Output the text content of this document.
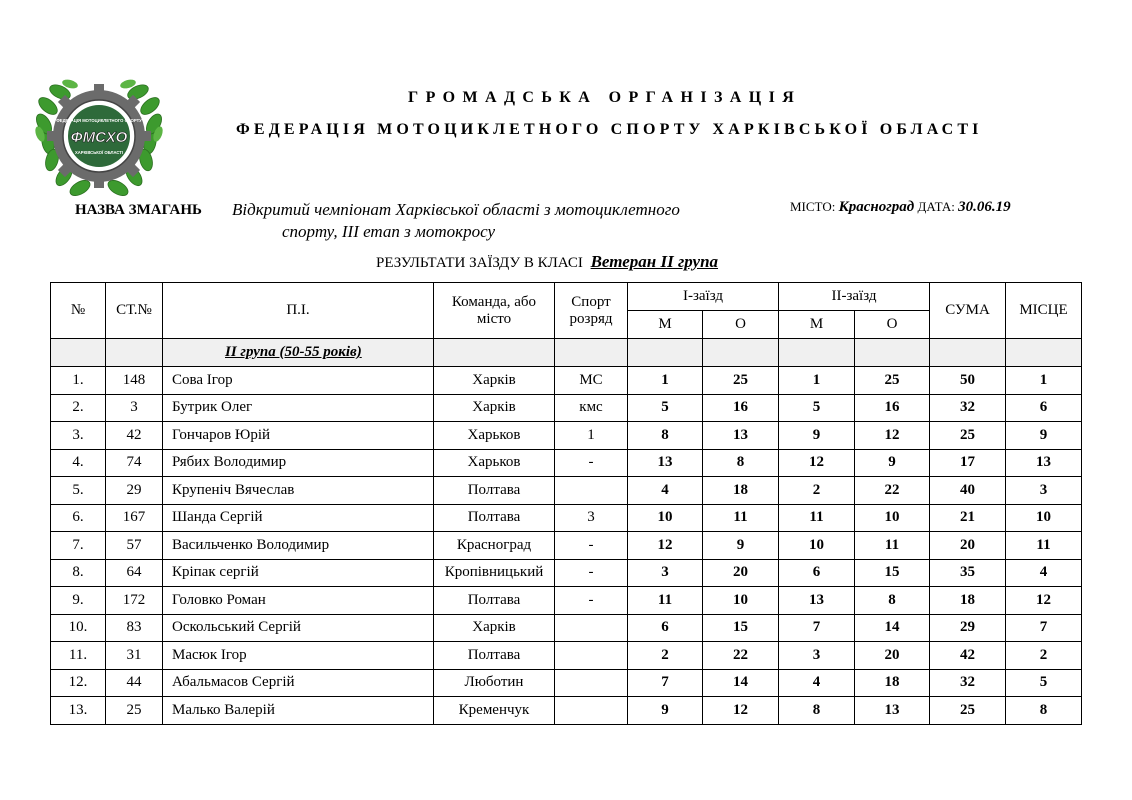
ФЕДЕРАЦІЯ МОТОЦИКЛЕТНОГО СПОРТУ
ФМСХО
ХАРКІВСЬКОЇ ОБЛАСТІ
ГРОМАДСЬКА ОРГАНІЗАЦІЯ
ФЕДЕРАЦІЯ МОТОЦИКЛЕТНОГО СПОРТУ ХАРКІВСЬКОЇ ОБЛАСТІ
НАЗВА ЗМАГАНЬ Відкритий чемпіонат Харківської області з мотоциклетного
спорту, ІІІ етап з мотокросу
МІСТО: Красноград ДАТА: 30.06.19
РЕЗУЛЬТАТИ ЗАЇЗДУ В КЛАСІ Ветеран ІІ група
№	СТ.№	П.І.	Команда, або місто	Спорт розряд	І-заїзд		ІІ-заїзд		СУМА	МІСЦЕ
					М	О	М	О		
		ІІ група (50-55 років)								
1.	148	Сова Ігор	Харків	МС	1	25	1	25	50	1
2.	3	Бутрик Олег	Харків	кмс	5	16	5	16	32	6
3.	42	Гончаров Юрій	Харьков	1	8	13	9	12	25	9
4.	74	Рябих Володимир	Харьков	-	13	8	12	9	17	13
5.	29	Крупеніч Вячеслав	Полтава		4	18	2	22	40	3
6.	167	Шанда Сергій	Полтава	3	10	11	11	10	21	10
7.	57	Васильченко Володимир	Красноград	-	12	9	10	11	20	11
8.	64	Кріпак сергій	Кропівницький	-	3	20	6	15	35	4
9.	172	Головко Роман	Полтава	-	11	10	13	8	18	12
10.	83	Оскольський Сергій	Харків		6	15	7	14	29	7
11.	31	Масюк Ігор	Полтава		2	22	3	20	42	2
12.	44	Абальмасов Сергій	Люботин		7	14	4	18	32	5
13.	25	Малько Валерій	Кременчук		9	12	8	13	25	8
